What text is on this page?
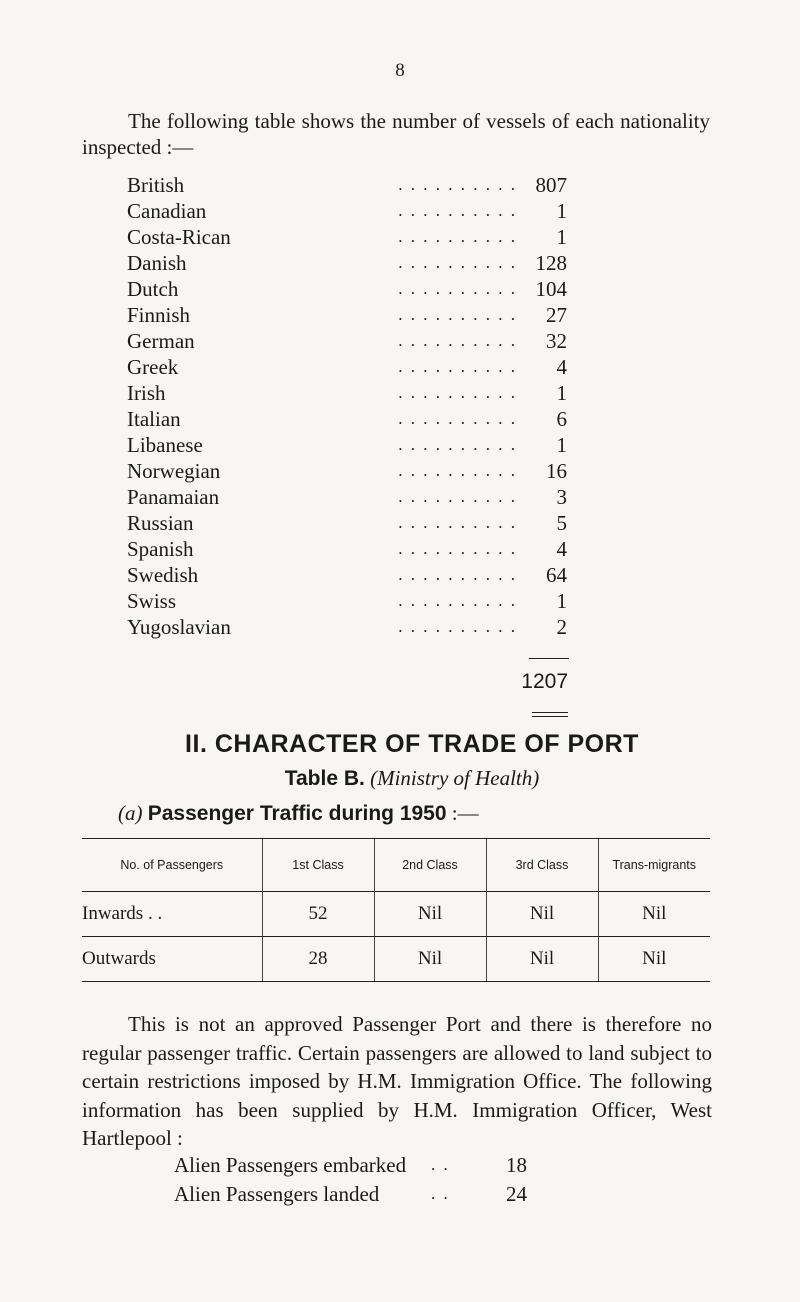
8
The following table shows the number of vessels of each nationality inspected :—
British	. . . . . . . . . . 807
Canadian	. . . . . . . . . .	1
Costa-Rican	. . . . . . . . . .	1
Danish	. . . . . . . . . . 128
Dutch	. . . . . . . . . . 104
Finnish	. . . . . . . . . .	27
German	. . . . . . . . . .	32
Greek	. . . . . . . . . .	4
Irish	. . . . . . . . . .	1
Italian	. . . . . . . . . .	6
Libanese	. . . . . . . . . .	1
Norwegian	. . . . . . . . . .	16
Panamaian	. . . . . . . . . .	3
Russian	. . . . . . . . . .	5
Spanish	. . . . . . . . . .	4
Swedish	. . . . . . . . . .	64
Swiss	. . . . . . . . . .	1
Yugoslavian	. . . . . . . . . .	2
1207
II. CHARACTER OF TRADE OF PORT
Table B. (Ministry of Health)
(a) Passenger Traffic during 1950 :—
No. of Passengers	1st Class	2nd Class	3rd Class	Trans-migrants
Inwards . .	52	Nil	Nil	Nil
Outwards	28	Nil	Nil	Nil
This is not an approved Passenger Port and there is therefore no regular passenger traffic. Certain passengers are allowed to land subject to certain restrictions imposed by H.M. Immigration Office. The following information has been supplied by H.M. Immigration Officer, West Hartlepool :
Alien Passengers embarked . .	18
Alien Passengers landed	. .	24
